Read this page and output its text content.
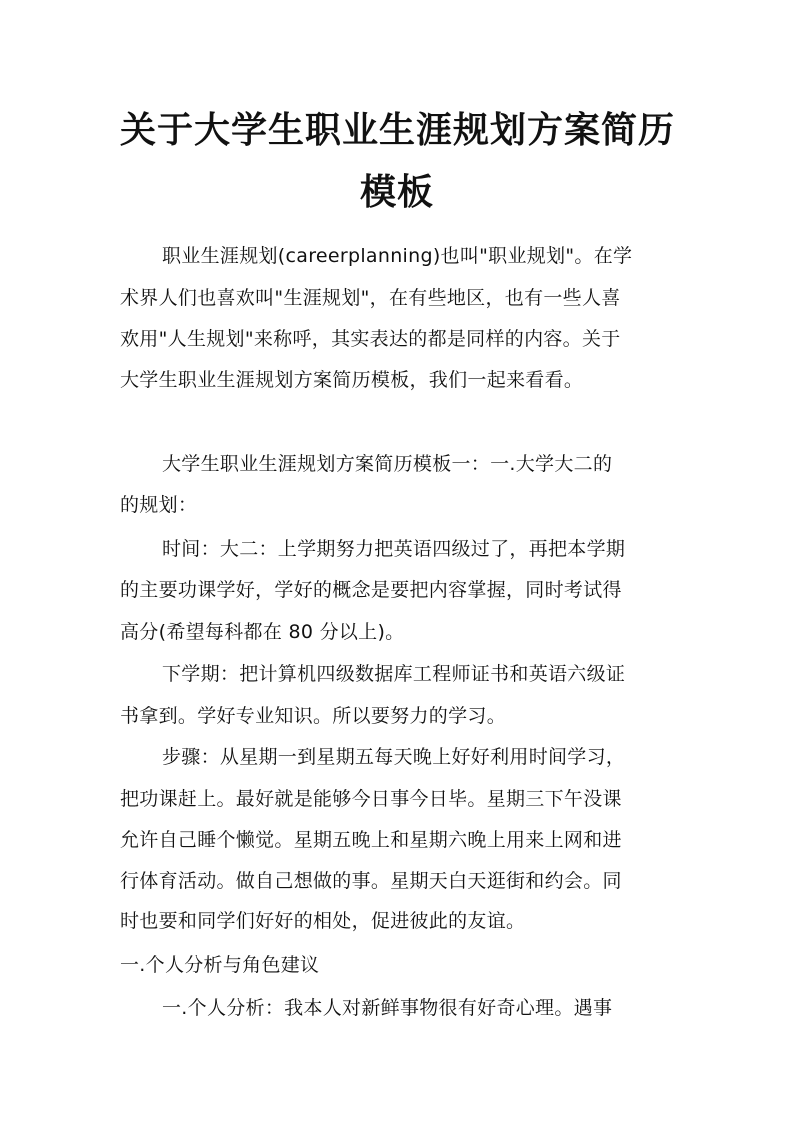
关于大学生职业生涯规划方案简历
模板
职业生涯规划(careerplanning)也叫"职业规划"。在学
术界人们也喜欢叫"生涯规划"，在有些地区，也有一些人喜
欢用"人生规划"来称呼，其实表达的都是同样的内容。关于
大学生职业生涯规划方案简历模板，我们一起来看看。
大学生职业生涯规划方案简历模板一：一.大学大二的
的规划：
时间：大二：上学期努力把英语四级过了，再把本学期
的主要功课学好，学好的概念是要把内容掌握，同时考试得
高分(希望每科都在 80 分以上)。
下学期：把计算机四级数据库工程师证书和英语六级证
书拿到。学好专业知识。所以要努力的学习。
步骤：从星期一到星期五每天晚上好好利用时间学习，
把功课赶上。最好就是能够今日事今日毕。星期三下午没课
允许自己睡个懒觉。星期五晚上和星期六晚上用来上网和进
行体育活动。做自己想做的事。星期天白天逛街和约会。同
时也要和同学们好好的相处，促进彼此的友谊。
一.个人分析与角色建议
一.个人分析：我本人对新鲜事物很有好奇心理。遇事
